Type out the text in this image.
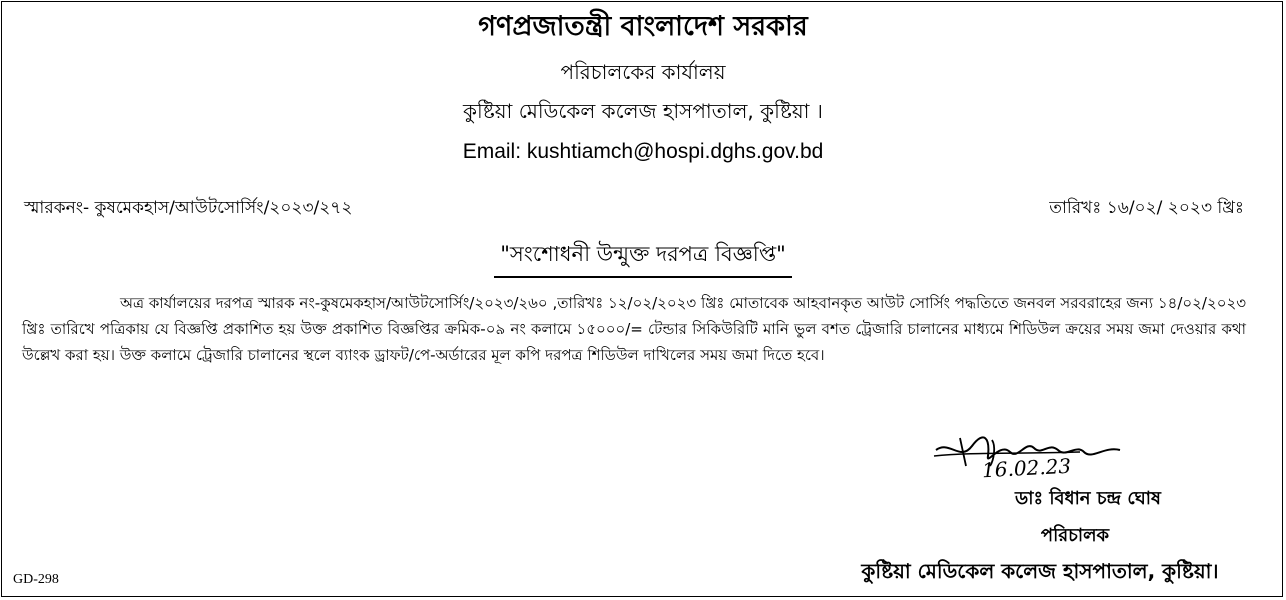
গণপ্রজাতন্ত্রী বাংলাদেশ সরকার
পরিচালকের কার্যালয়
কুষ্টিয়া মেডিকেল কলেজ হাসপাতাল, কুষ্টিয়া ।
Email: kushtiamch@hospi.dghs.gov.bd
স্মারকনং- কুষমেকহাস/আউটসোর্সিং/২০২৩/২৭২	তারিখঃ ১৬/০২/ ২০২৩ খ্রিঃ
"সংশোধনী উন্মুক্ত দরপত্র বিজ্ঞপ্তি"
অত্র কার্যালয়ের দরপত্র স্মারক নং-কুষমেকহাস/আউটসোর্সিং/২০২৩/২৬০ ,তারিখঃ ১২/০২/২০২৩ খ্রিঃ মোতাবেক আহবানকৃত আউট সোর্সিং পদ্ধতিতে জনবল সরবরাহের জন্য ১৪/০২/২০২৩ খ্রিঃ তারিখে পত্রিকায় যে বিজ্ঞপ্তি প্রকাশিত হয় উক্ত প্রকাশিত বিজ্ঞপ্তির ক্রমিক-০৯ নং কলামে ১৫০০০/= টেন্ডার সিকিউরিটি মানি ভুল বশত ট্রেজারি চালানের মাধ্যমে শিডিউল ক্রয়ের সময় জমা দেওয়ার কথা উল্লেখ করা হয়। উক্ত কলামে ট্রেজারি চালানের স্থলে ব্যাংক ড্রাফট/পে-অর্ডারের মূল কপি দরপত্র শিডিউল দাখিলের সময় জমা দিতে হবে।
16.02.23
ডাঃ বিধান চন্দ্র ঘোষ
পরিচালক
কুষ্টিয়া মেডিকেল কলেজ হাসপাতাল, কুষ্টিয়া।
GD-298
